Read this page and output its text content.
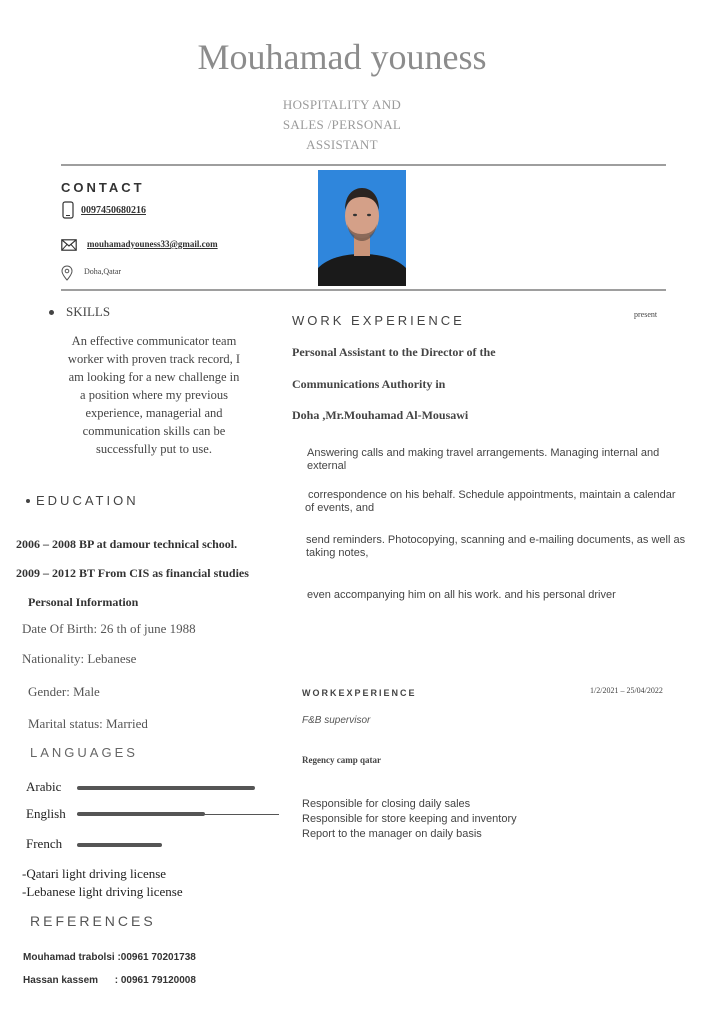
Mouhamad youness
HOSPITALITY AND
SALES /PERSONAL
ASSISTANT
CONTACT
0097450680216
mouhamadyouness33@gmail.com
Doha,Qatar
SKILLS
An effective communicator team worker with proven track record, I am looking for a new challenge in a position where my previous experience, managerial and communication skills can be successfully put to use.
EDUCATION
2006 – 2008 BP at damour technical school.
2009 – 2012 BT From CIS as financial studies
Personal Information
Date Of Birth: 26 th of june 1988
Nationality: Lebanese
Gender: Male
Marital status: Married
LANGUAGES
Arabic
English
French
-Qatari light driving license
-Lebanese light driving license
REFERENCES
Mouhamad trabolsi :00961 70201738
Hassan kassem      : 00961 79120008
WORK EXPERIENCE	present
Personal Assistant to the Director of the
Communications Authority in
Doha ,Mr.Mouhamad Al-Mousawi
Answering calls and making travel arrangements. Managing internal and external
correspondence on his behalf. Schedule appointments, maintain a calendar of events, and
send reminders. Photocopying, scanning and e-mailing documents, as well as taking notes,
even accompanying him on all his work. and his personal driver
WORKEXPERIENCE	1/2/2021 – 25/04/2022
F&B supervisor
Regency camp qatar
Responsible for closing daily sales
Responsible for store keeping and inventory
Report to the manager on daily basis
